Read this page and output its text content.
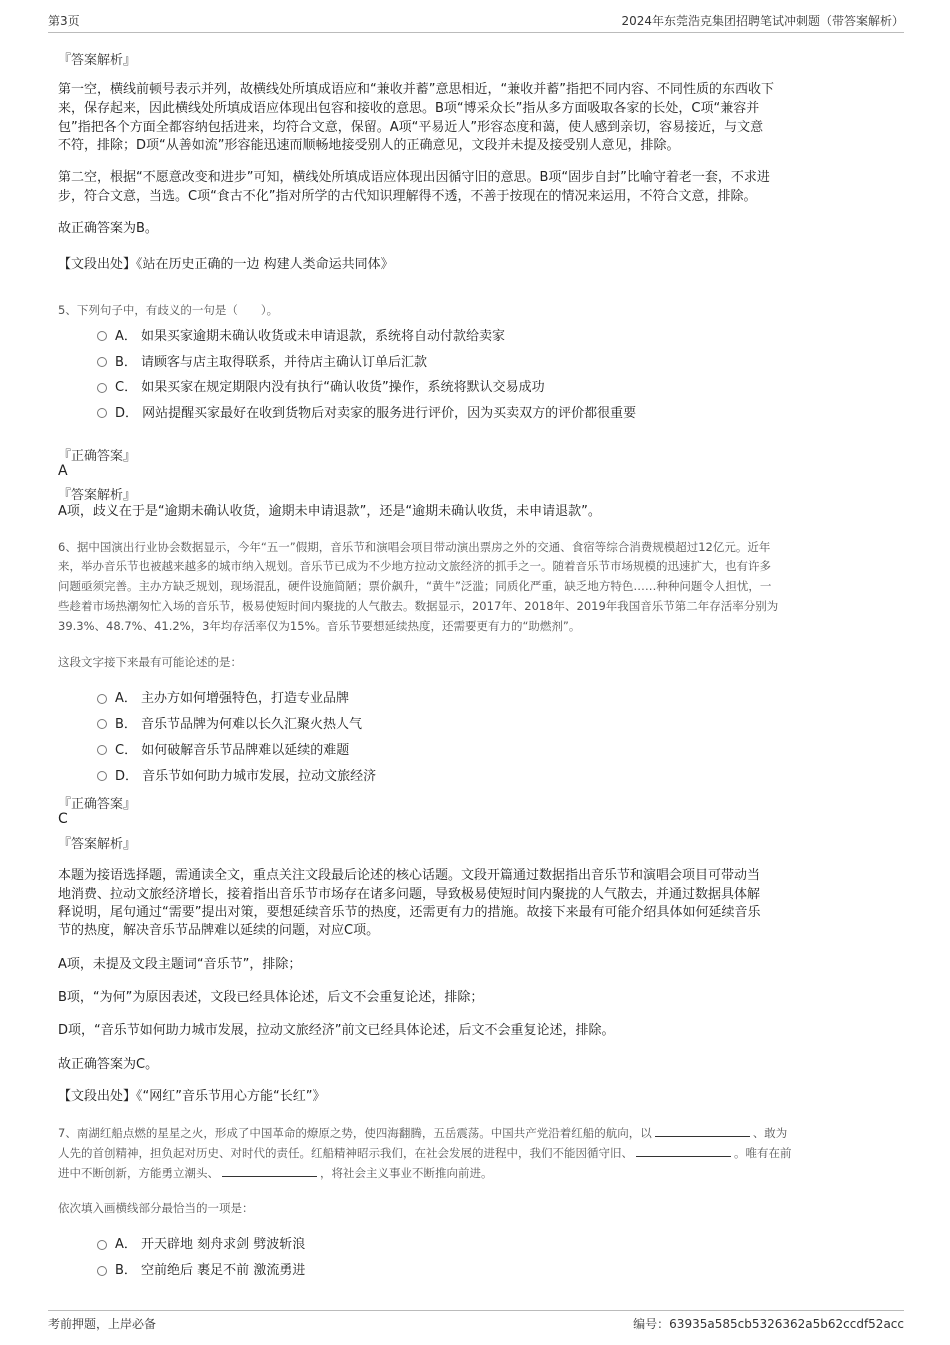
第3页	2024年东莞浩克集团招聘笔试冲刺题（带答案解析）
『答案解析』
第一空，横线前顿号表示并列，故横线处所填成语应和“兼收并蓄”意思相近，“兼收并蓄”指把不同内容、不同性质的东西收下
来，保存起来，因此横线处所填成语应体现出包容和接收的意思。B项“博采众长”指从多方面吸取各家的长处，C项“兼容并
包”指把各个方面全都容纳包括进来，均符合文意，保留。A项“平易近人”形容态度和蔼，使人感到亲切，容易接近，与文意
不符，排除；D项“从善如流”形容能迅速而顺畅地接受别人的正确意见，文段并未提及接受别人意见，排除。
第二空，根据“不愿意改变和进步”可知，横线处所填成语应体现出因循守旧的意思。B项“固步自封”比喻守着老一套，不求进
步，符合文意，当选。C项“食古不化”指对所学的古代知识理解得不透，不善于按现在的情况来运用，不符合文意，排除。
故正确答案为B。
【文段出处】《站在历史正确的一边 构建人类命运共同体》
5、下列句子中，有歧义的一句是（　　）。
A． 如果买家逾期未确认收货或未申请退款，系统将自动付款给卖家
B． 请顾客与店主取得联系，并待店主确认订单后汇款
C． 如果买家在规定期限内没有执行“确认收货”操作，系统将默认交易成功
D． 网站提醒买家最好在收到货物后对卖家的服务进行评价，因为买卖双方的评价都很重要
『正确答案』
A
『答案解析』
A项，歧义在于是“逾期未确认收货，逾期未申请退款”，还是“逾期未确认收货，未申请退款”。
6、据中国演出行业协会数据显示，今年“五一”假期，音乐节和演唱会项目带动演出票房之外的交通、食宿等综合消费规模超过12亿元。近年
来，举办音乐节也被越来越多的城市纳入规划。音乐节已成为不少地方拉动文旅经济的抓手之一。随着音乐节市场规模的迅速扩大，也有许多
问题亟须完善。主办方缺乏规划，现场混乱，硬件设施简陋；票价飙升，“黄牛”泛滥；同质化严重，缺乏地方特色……种种问题令人担忧，一
些趁着市场热潮匆忙入场的音乐节，极易使短时间内聚拢的人气散去。数据显示，2017年、2018年、2019年我国音乐节第二年存活率分别为
39.3%、48.7%、41.2%，3年均存活率仅为15%。音乐节要想延续热度，还需要更有力的“助燃剂”。
这段文字接下来最有可能论述的是：
A． 主办方如何增强特色，打造专业品牌
B． 音乐节品牌为何难以长久汇聚火热人气
C． 如何破解音乐节品牌难以延续的难题
D． 音乐节如何助力城市发展，拉动文旅经济
『正确答案』
C
『答案解析』
本题为接语选择题，需通读全文，重点关注文段最后论述的核心话题。文段开篇通过数据指出音乐节和演唱会项目可带动当
地消费、拉动文旅经济增长，接着指出音乐节市场存在诸多问题，导致极易使短时间内聚拢的人气散去，并通过数据具体解
释说明，尾句通过“需要”提出对策，要想延续音乐节的热度，还需更有力的措施。故接下来最有可能介绍具体如何延续音乐
节的热度，解决音乐节品牌难以延续的问题，对应C项。
A项，未提及文段主题词“音乐节”，排除；
B项，“为何”为原因表述，文段已经具体论述，后文不会重复论述，排除；
D项，“音乐节如何助力城市发展，拉动文旅经济”前文已经具体论述，后文不会重复论述，排除。
故正确答案为C。
【文段出处】《“网红”音乐节用心方能“长红”》
7、南湖红船点燃的星星之火，形成了中国革命的燎原之势，使四海翻腾，五岳震荡。中国共产党沿着红船的航向，以	、敢为
人先的首创精神，担负起对历史、对时代的责任。红船精神昭示我们，在社会发展的进程中，我们不能因循守旧、	。唯有在前
进中不断创新，方能勇立潮头、	，将社会主义事业不断推向前进。
依次填入画横线部分最恰当的一项是：
A． 开天辟地 刻舟求剑 劈波斩浪
B． 空前绝后 裹足不前 激流勇进
考前押题，上岸必备	编号：63935a585cb5326362a5b62ccdf52acc
